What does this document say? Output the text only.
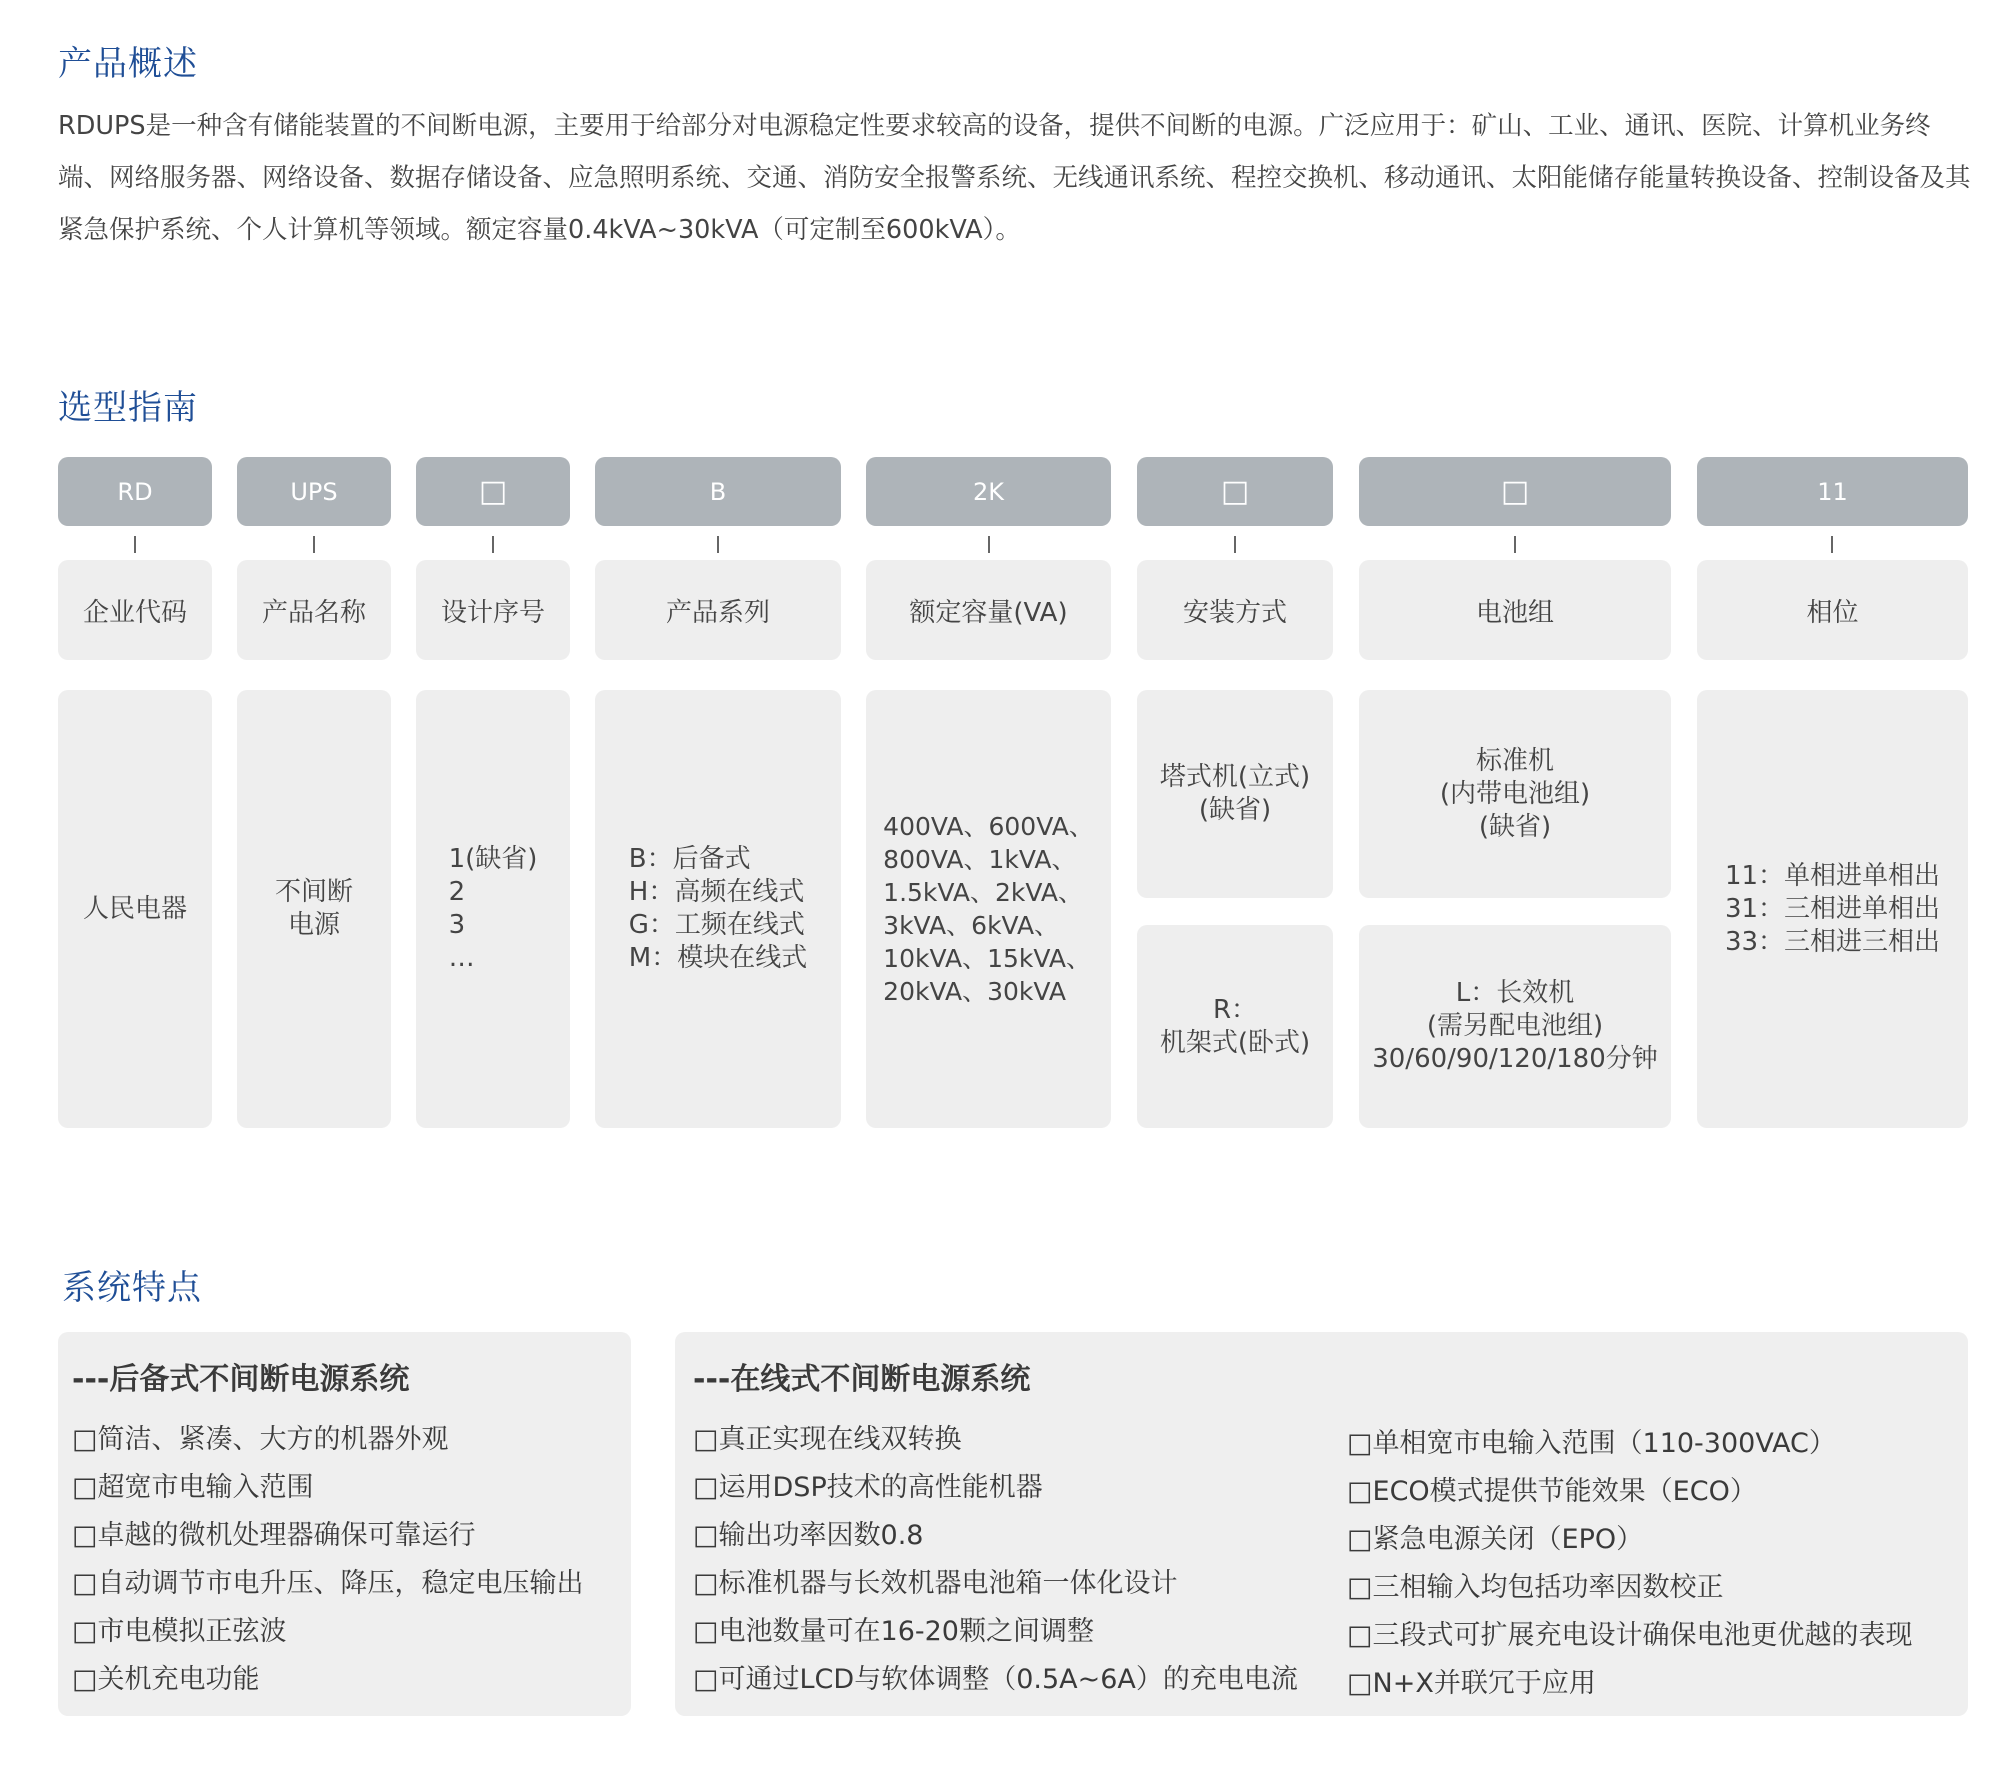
产品概述

RDUPS是一种含有储能装置的不间断电源，主要用于给部分对电源稳定性要求较高的设备，提供不间断的电源。广泛应用于：矿山、工业、通讯、医院、计算机业务终端、网络服务器、网络设备、数据存储设备、应急照明系统、交通、消防安全报警系统、无线通讯系统、程控交换机、移动通讯、太阳能储存能量转换设备、控制设备及其紧急保护系统、个人计算机等领域。额定容量0.4kVA~30kVA（可定制至600kVA）。

选型指南
RD
企业代码
人民电器
UPS
产品名称
不间断
电源
□
设计序号
1(缺省)
2
3
…
B
产品系列
B：后备式
H：高频在线式
G：工频在线式
M：模块在线式
2K
额定容量(VA)
400VA、600VA、
800VA、1kVA、
1.5kVA、2kVA、
3kVA、6kVA、
10kVA、15kVA、
20kVA、30kVA
□
安装方式
塔式机(立式)
(缺省)
R：
机架式(卧式)
□
电池组
标准机
(内带电池组)
(缺省)
L：长效机
(需另配电池组)
30/60/90/120/180分钟
11
相位
11：单相进单相出
31：三相进单相出
33：三相进三相出
系统特点
---后备式不间断电源系统
□简洁、紧凑、大方的机器外观
□超宽市电输入范围
□卓越的微机处理器确保可靠运行
□自动调节市电升压、降压，稳定电压输出
□市电模拟正弦波
□关机充电功能
---在线式不间断电源系统
□真正实现在线双转换
□运用DSP技术的高性能机器
□输出功率因数0.8
□标准机器与长效机器电池箱一体化设计
□电池数量可在16-20颗之间调整
□可通过LCD与软体调整（0.5A~6A）的充电电流
□单相宽市电输入范围（110-300VAC）
□ECO模式提供节能效果（ECO）
□紧急电源关闭（EPO）
□三相输入均包括功率因数校正
□三段式可扩展充电设计确保电池更优越的表现
□N+X并联冗于应用
